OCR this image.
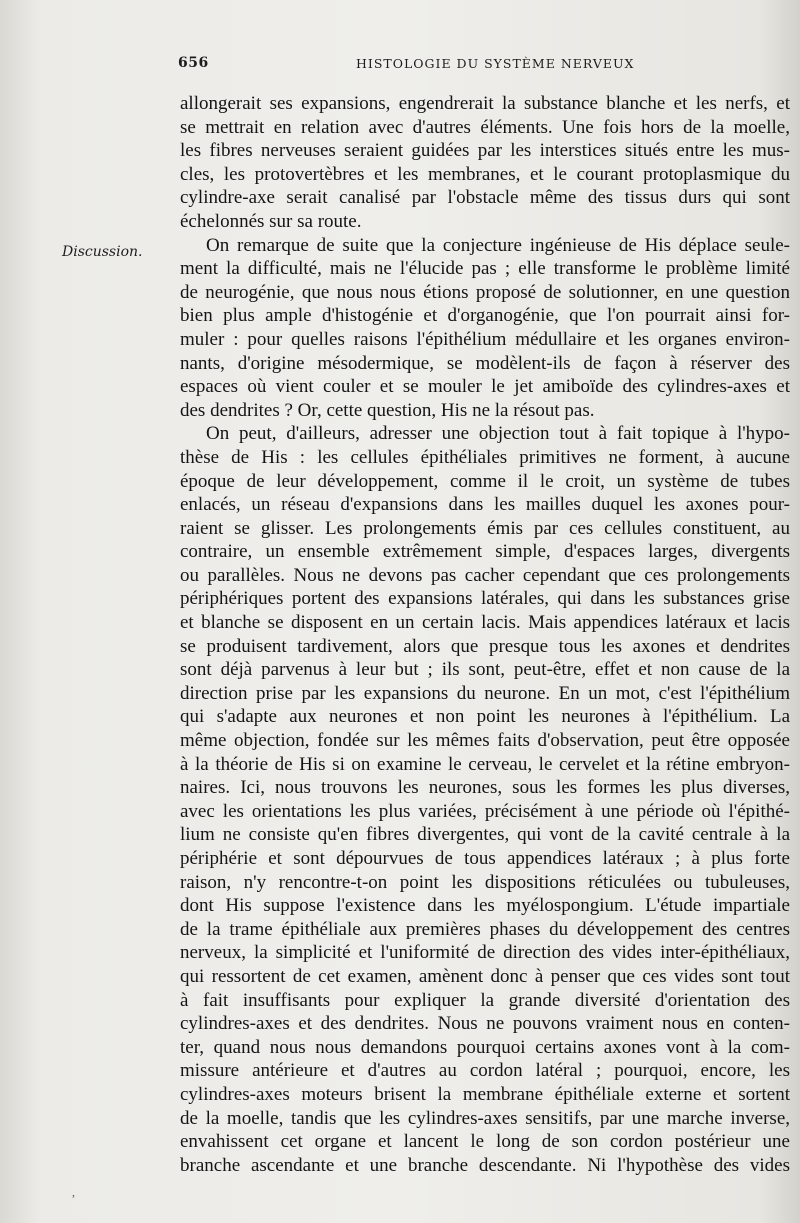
656	HISTOLOGIE DU SYSTÈME NERVEUX
Discussion.
allongerait ses expansions, engendrerait la substance blanche et les nerfs, et
se mettrait en relation avec d'autres éléments. Une fois hors de la moelle,
les fibres nerveuses seraient guidées par les interstices situés entre les mus-
cles, les protovertèbres et les membranes, et le courant protoplasmique du
cylindre-axe serait canalisé par l'obstacle même des tissus durs qui sont
échelonnés sur sa route.
On remarque de suite que la conjecture ingénieuse de His déplace seule-
ment la difficulté, mais ne l'élucide pas ; elle transforme le problème limité
de neurogénie, que nous nous étions proposé de solutionner, en une question
bien plus ample d'histogénie et d'organogénie, que l'on pourrait ainsi for-
muler : pour quelles raisons l'épithélium médullaire et les organes environ-
nants, d'origine mésodermique, se modèlent-ils de façon à réserver des
espaces où vient couler et se mouler le jet amiboïde des cylindres-axes et
des dendrites ? Or, cette question, His ne la résout pas.
On peut, d'ailleurs, adresser une objection tout à fait topique à l'hypo-
thèse de His : les cellules épithéliales primitives ne forment, à aucune
époque de leur développement, comme il le croit, un système de tubes
enlacés, un réseau d'expansions dans les mailles duquel les axones pour-
raient se glisser. Les prolongements émis par ces cellules constituent, au
contraire, un ensemble extrêmement simple, d'espaces larges, divergents
ou parallèles. Nous ne devons pas cacher cependant que ces prolongements
périphériques portent des expansions latérales, qui dans les substances grise
et blanche se disposent en un certain lacis. Mais appendices latéraux et lacis
se produisent tardivement, alors que presque tous les axones et dendrites
sont déjà parvenus à leur but ; ils sont, peut-être, effet et non cause de la
direction prise par les expansions du neurone. En un mot, c'est l'épithélium
qui s'adapte aux neurones et non point les neurones à l'épithélium. La
même objection, fondée sur les mêmes faits d'observation, peut être opposée
à la théorie de His si on examine le cerveau, le cervelet et la rétine embryon-
naires. Ici, nous trouvons les neurones, sous les formes les plus diverses,
avec les orientations les plus variées, précisément à une période où l'épithé-
lium ne consiste qu'en fibres divergentes, qui vont de la cavité centrale à la
périphérie et sont dépourvues de tous appendices latéraux ; à plus forte
raison, n'y rencontre-t-on point les dispositions réticulées ou tubuleuses,
dont His suppose l'existence dans les myélospongium. L'étude impartiale
de la trame épithéliale aux premières phases du développement des centres
nerveux, la simplicité et l'uniformité de direction des vides inter-épithéliaux,
qui ressortent de cet examen, amènent donc à penser que ces vides sont tout
à fait insuffisants pour expliquer la grande diversité d'orientation des
cylindres-axes et des dendrites. Nous ne pouvons vraiment nous en conten-
ter, quand nous nous demandons pourquoi certains axones vont à la com-
missure antérieure et d'autres au cordon latéral ; pourquoi, encore, les
cylindres-axes moteurs brisent la membrane épithéliale externe et sortent
de la moelle, tandis que les cylindres-axes sensitifs, par une marche inverse,
envahissent cet organe et lancent le long de son cordon postérieur une
branche ascendante et une branche descendante. Ni l'hypothèse des vides
,
